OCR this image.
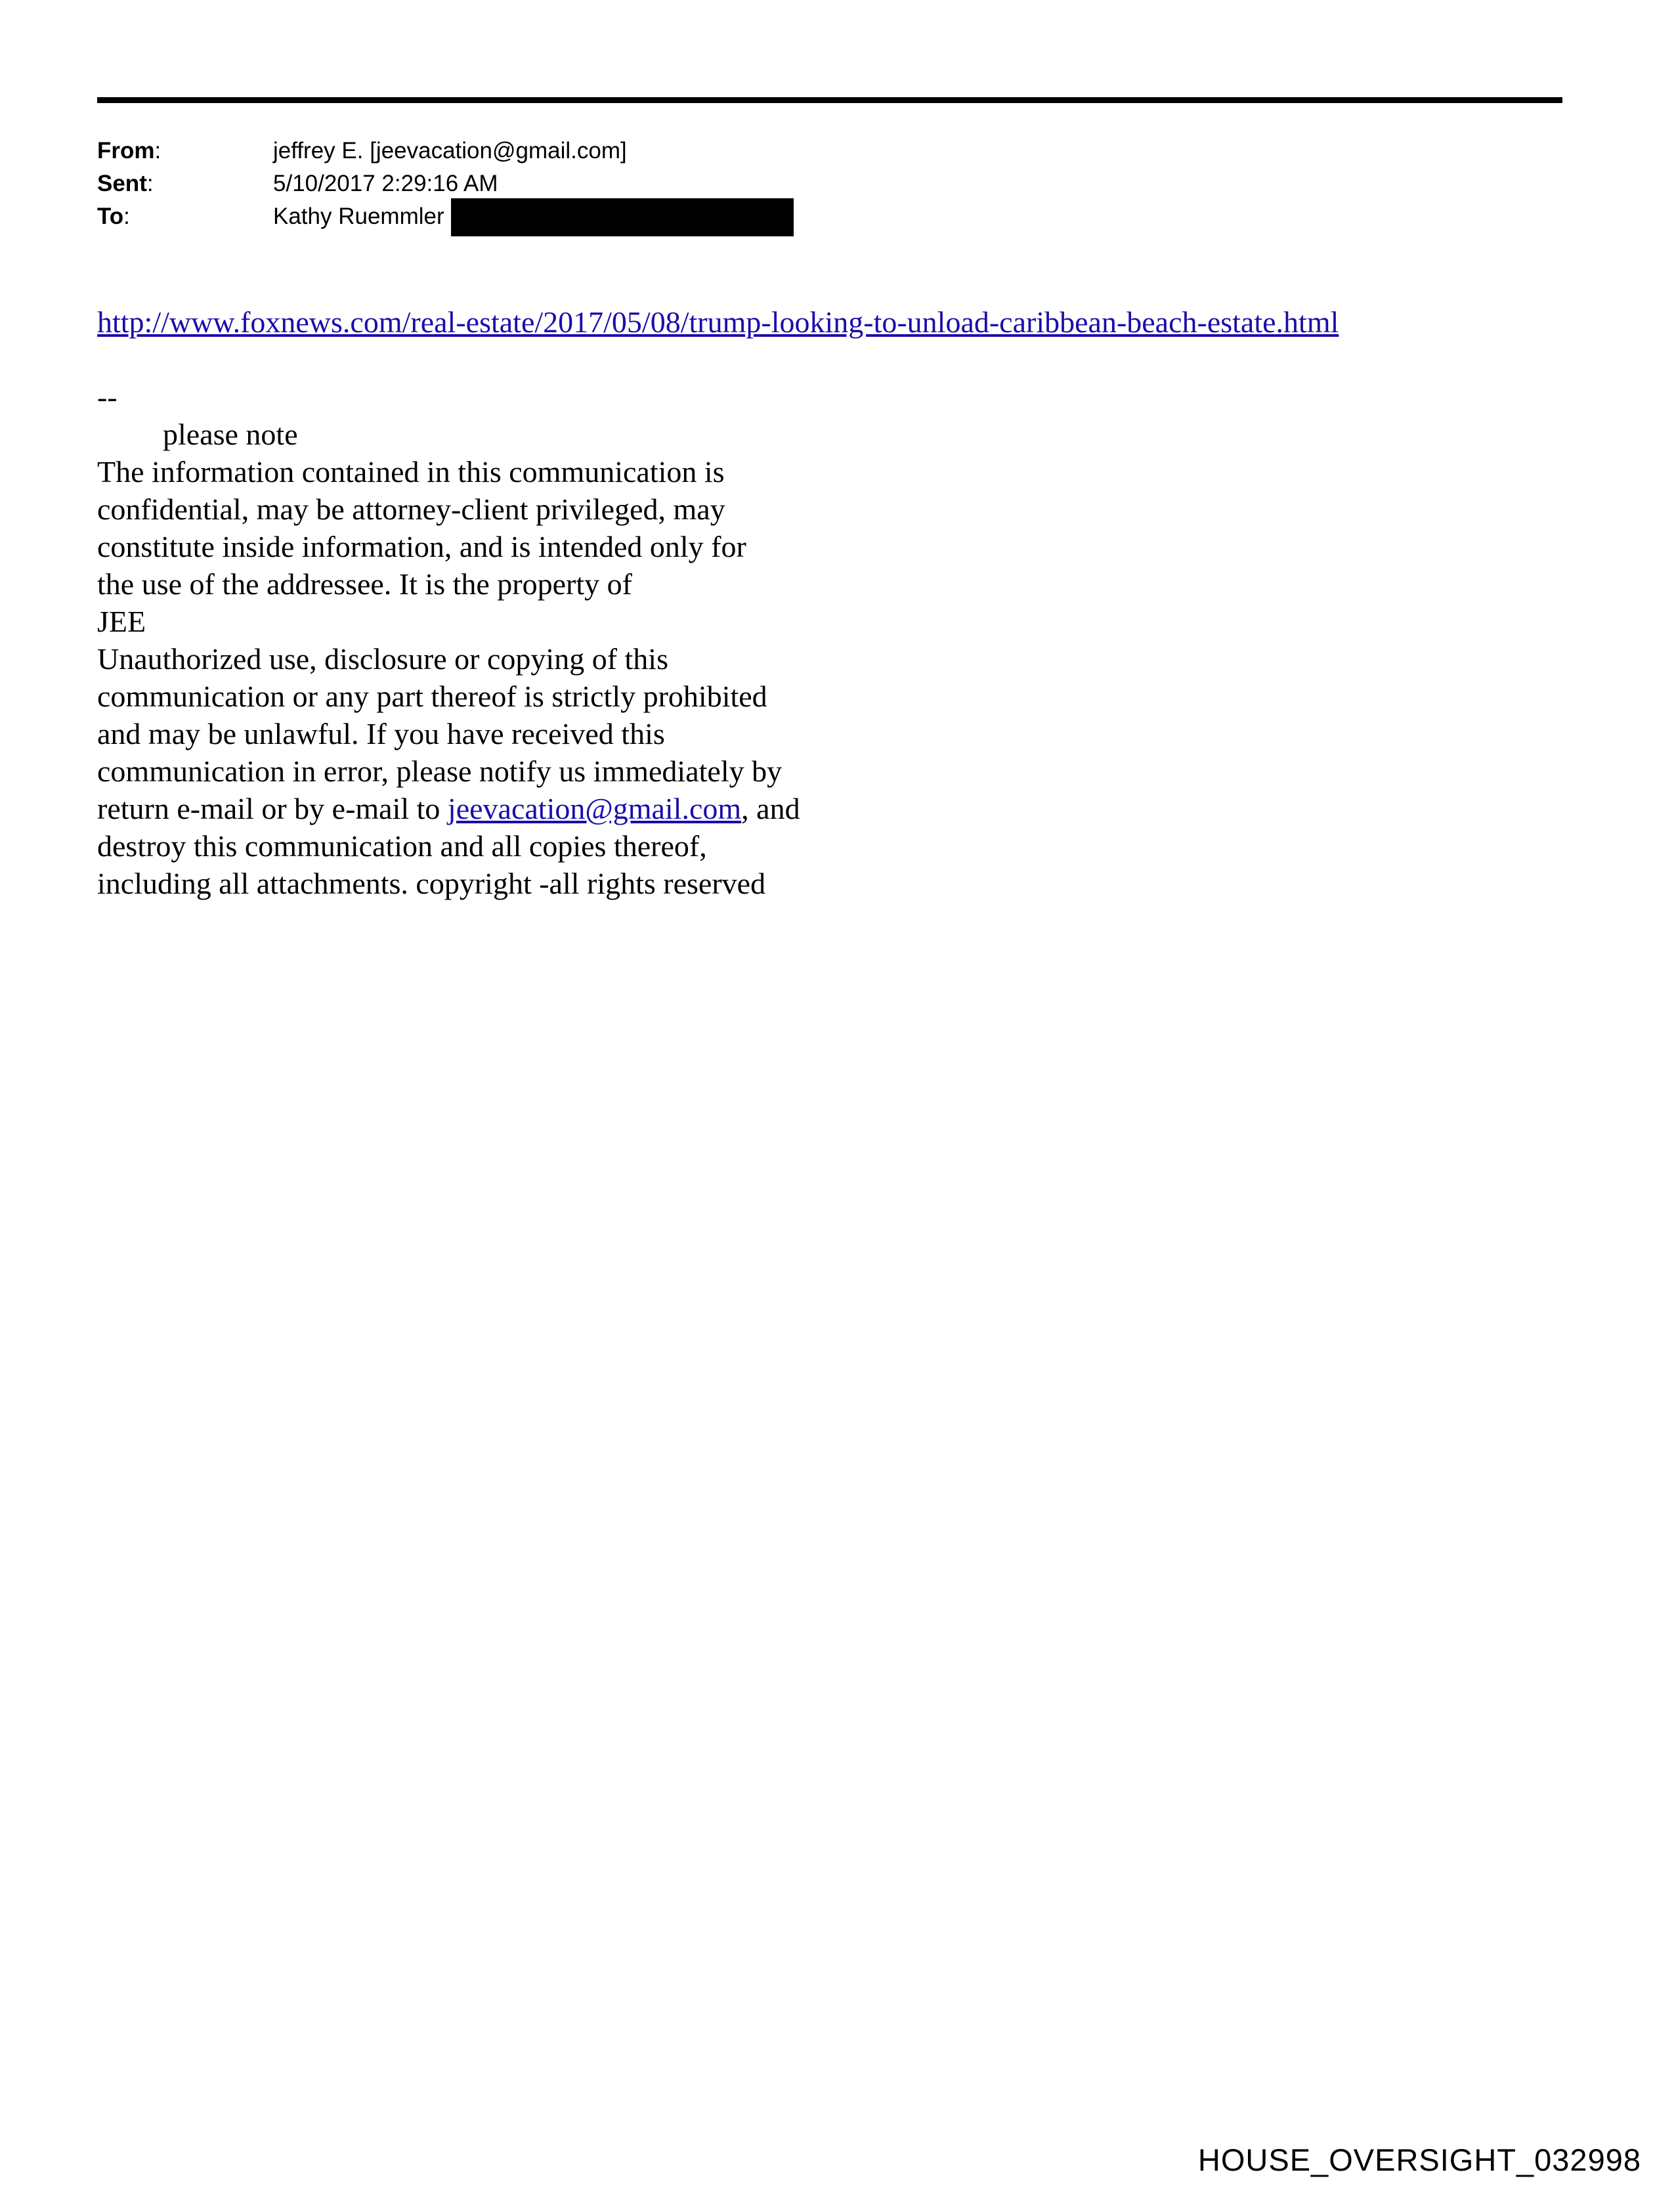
From:	jeffrey E. [jeevacation@gmail.com]
Sent:	5/10/2017 2:29:16 AM
To:	Kathy Ruemmler
http://www.foxnews.com/real-estate/2017/05/08/trump-looking-to-unload-caribbean-beach-estate.html
--
please note
The information contained in this communication is
confidential, may be attorney-client privileged, may
constitute inside information, and is intended only for
the use of the addressee. It is the property of
JEE
Unauthorized use, disclosure or copying of this
communication or any part thereof is strictly prohibited
and may be unlawful. If you have received this
communication in error, please notify us immediately by
return e-mail or by e-mail to jeevacation@gmail.com, and
destroy this communication and all copies thereof,
including all attachments. copyright -all rights reserved
HOUSE_OVERSIGHT_032998
